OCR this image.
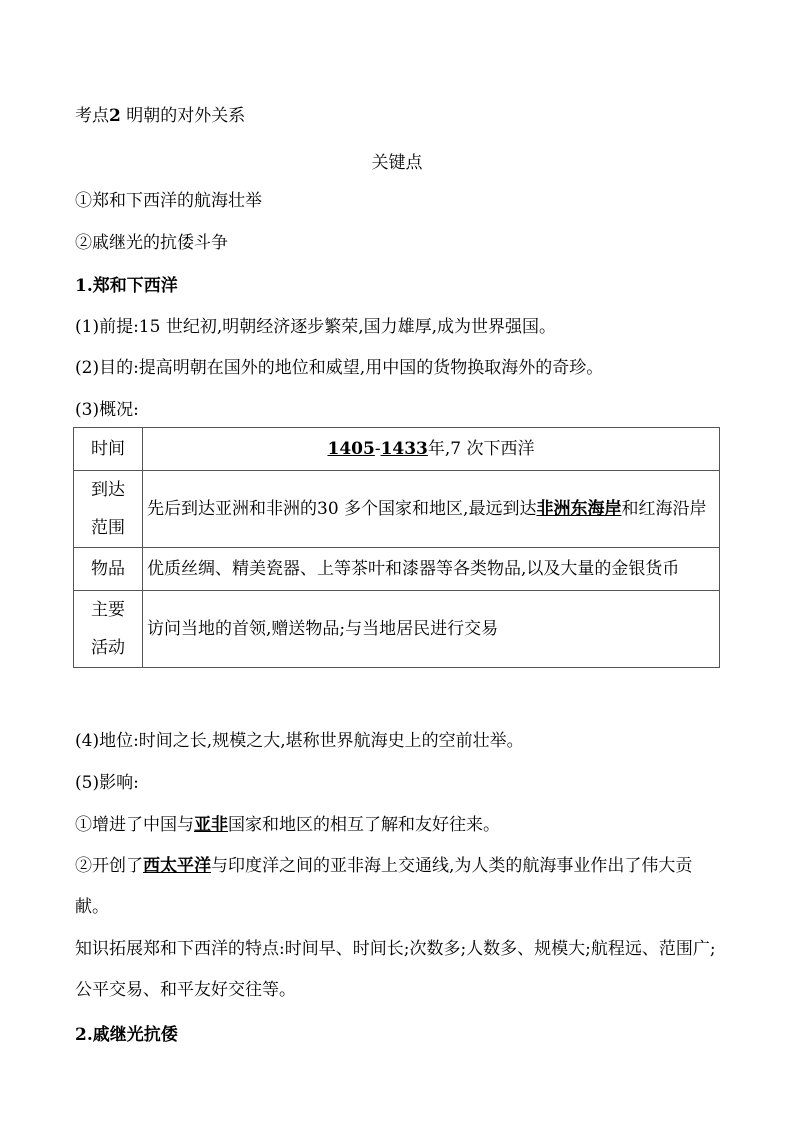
考点2 明朝的对外关系
关键点
①郑和下西洋的航海壮举
②戚继光的抗倭斗争
1.郑和下西洋
(1)前提:15 世纪初,明朝经济逐步繁荣,国力雄厚,成为世界强国。
(2)目的:提高明朝在国外的地位和威望,用中国的货物换取海外的奇珍。
(3)概况:
时间	1405-1433年,7 次下西洋
到达
范围	先后到达亚洲和非洲的30 多个国家和地区,最远到达非洲东海岸和红海沿岸
物品	优质丝绸、精美瓷器、上等茶叶和漆器等各类物品,以及大量的金银货币
主要
活动	访问当地的首领,赠送物品;与当地居民进行交易
(4)地位:时间之长,规模之大,堪称世界航海史上的空前壮举。
(5)影响:
①增进了中国与亚非国家和地区的相互了解和友好往来。
②开创了西太平洋与印度洋之间的亚非海上交通线,为人类的航海事业作出了伟大贡献。
知识拓展郑和下西洋的特点:时间早、时间长;次数多;人数多、规模大;航程远、范围广;公平交易、和平友好交往等。
2.戚继光抗倭
